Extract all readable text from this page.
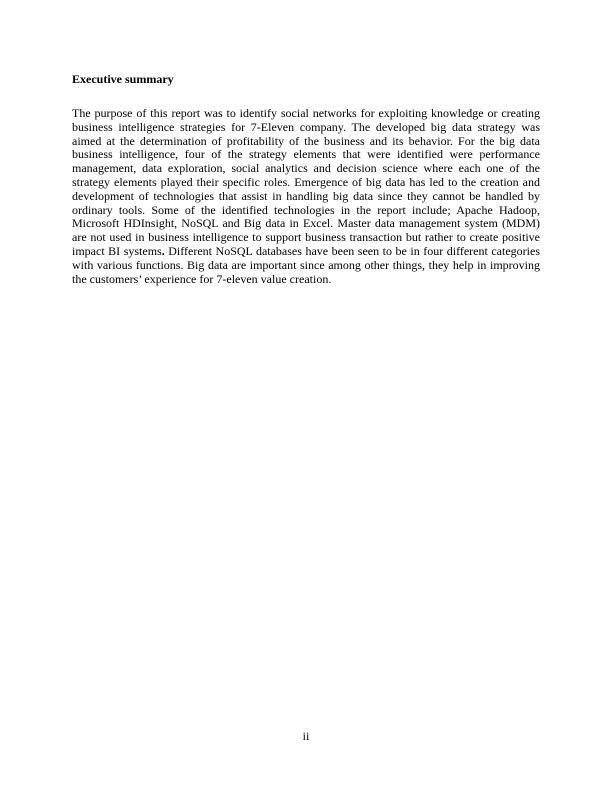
Executive summary

The purpose of this report was to identify social networks for exploiting knowledge or creating business intelligence strategies for 7-Eleven company. The developed big data strategy was aimed at the determination of profitability of the business and its behavior. For the big data business intelligence, four of the strategy elements that were identified were performance management, data exploration, social analytics and decision science where each one of the strategy elements played their specific roles. Emergence of big data has led to the creation and development of technologies that assist in handling big data since they cannot be handled by ordinary tools. Some of the identified technologies in the report include; Apache Hadoop, Microsoft HDInsight, NoSQL and Big data in Excel. Master data management system (MDM) are not used in business intelligence to support business transaction but rather to create positive impact BI systems. Different NoSQL databases have been seen to be in four different categories with various functions. Big data are important since among other things, they help in improving the customers’ experience for 7-eleven value creation.

ii
